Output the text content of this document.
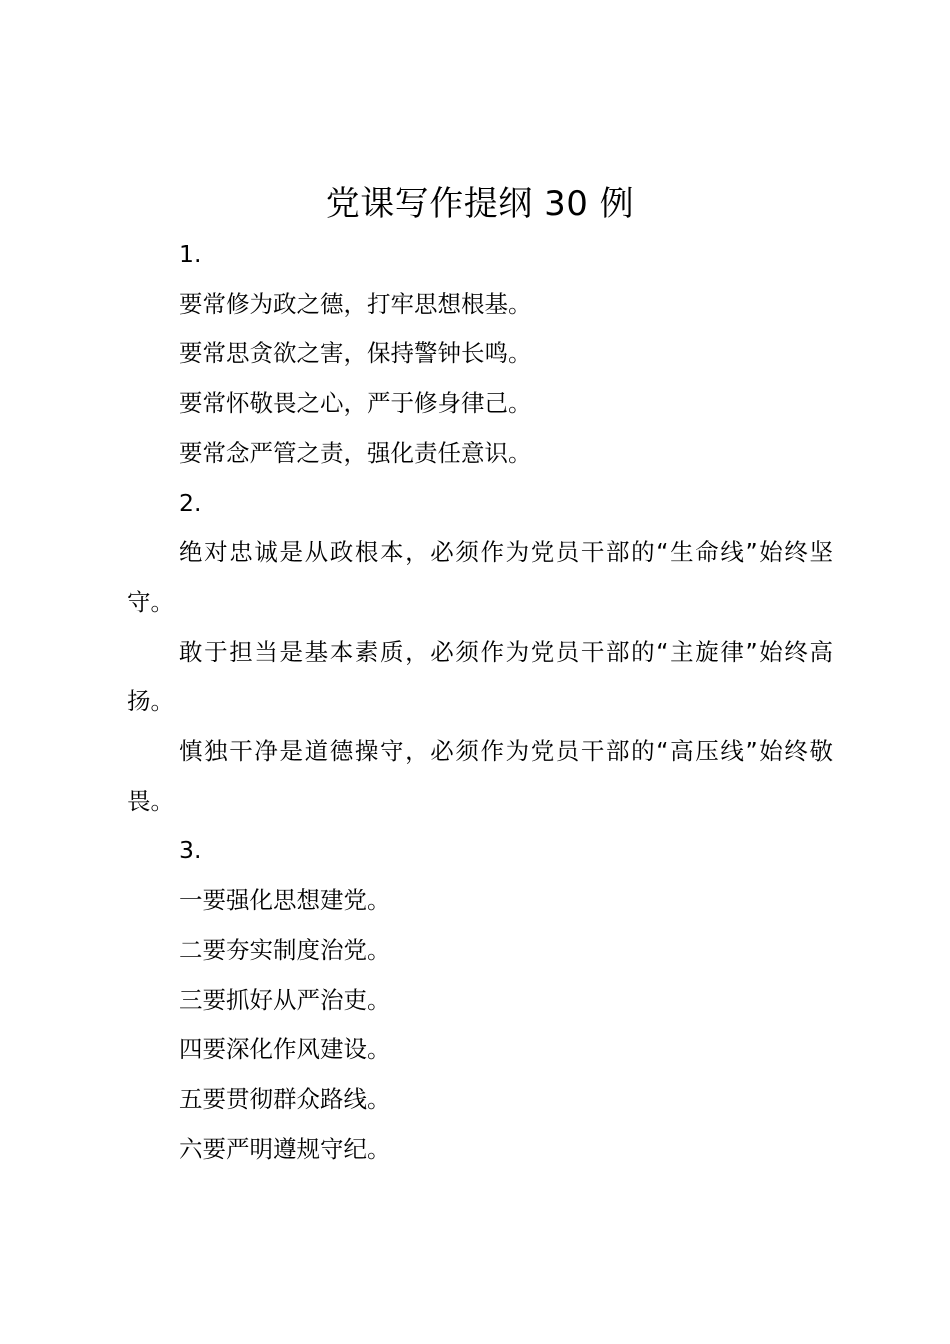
党课写作提纲 30 例

1.

要常修为政之德，打牢思想根基。

要常思贪欲之害，保持警钟长鸣。

要常怀敬畏之心，严于修身律己。

要常念严管之责，强化责任意识。

2.

绝对忠诚是从政根本，必须作为党员干部的“生命线”始终坚守。

敢于担当是基本素质，必须作为党员干部的“主旋律”始终高扬。

慎独干净是道德操守，必须作为党员干部的“高压线”始终敬畏。

3.

一要强化思想建党。

二要夯实制度治党。

三要抓好从严治吏。

四要深化作风建设。

五要贯彻群众路线。

六要严明遵规守纪。
